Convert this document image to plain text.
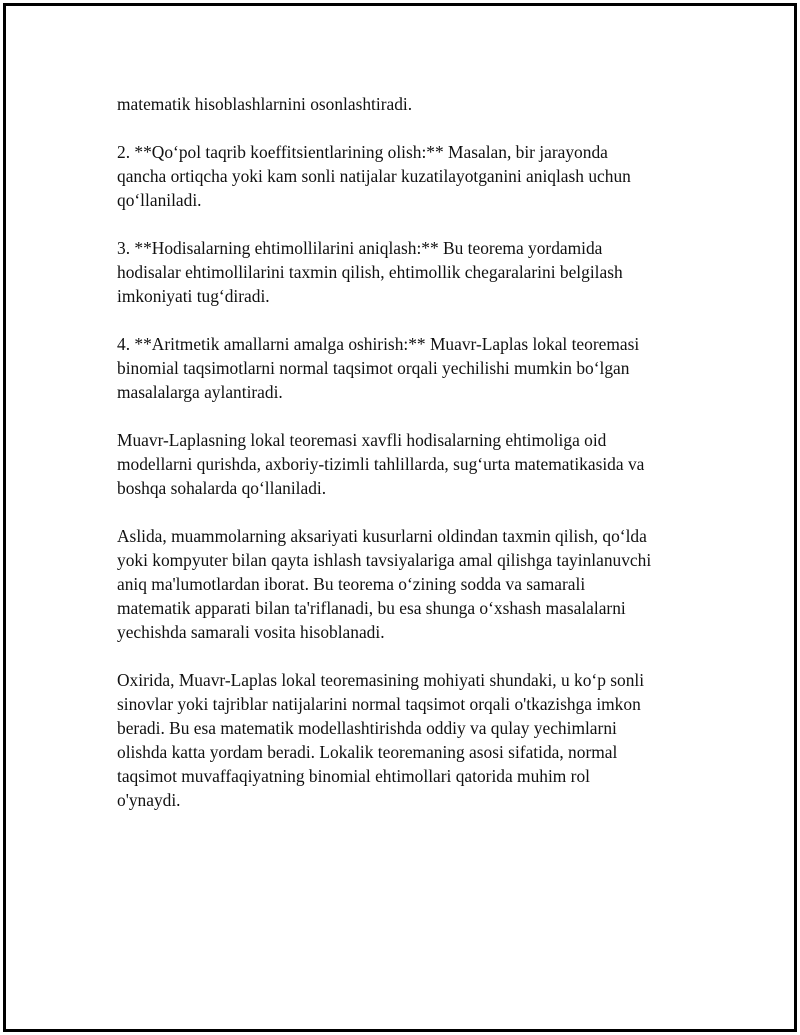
matematik hisoblashlarnini osonlashtiradi.

2. **Qo‘pol taqrib koeffitsientlarining olish:** Masalan, bir jarayonda
qancha ortiqcha yoki kam sonli natijalar kuzatilayotganini aniqlash uchun
qo‘llaniladi.

3. **Hodisalarning ehtimollilarini aniqlash:** Bu teorema yordamida
hodisalar ehtimollilarini taxmin qilish, ehtimollik chegaralarini belgilash
imkoniyati tug‘diradi.

4. **Aritmetik amallarni amalga oshirish:** Muavr-Laplas lokal teoremasi
binomial taqsimotlarni normal taqsimot orqali yechilishi mumkin bo‘lgan
masalalarga aylantiradi.

Muavr-Laplasning lokal teoremasi xavfli hodisalarning ehtimoliga oid
modellarni qurishda, axboriy-tizimli tahlillarda, sug‘urta matematikasida va
boshqa sohalarda qo‘llaniladi.

Aslida, muammolarning aksariyati kusurlarni oldindan taxmin qilish, qo‘lda
yoki kompyuter bilan qayta ishlash tavsiyalariga amal qilishga tayinlanuvchi
aniq ma'lumotlardan iborat. Bu teorema o‘zining sodda va samarali
matematik apparati bilan ta'riflanadi, bu esa shunga o‘xshash masalalarni
yechishda samarali vosita hisoblanadi.

Oxirida, Muavr-Laplas lokal teoremasining mohiyati shundaki, u ko‘p sonli
sinovlar yoki tajriblar natijalarini normal taqsimot orqali o'tkazishga imkon
beradi. Bu esa matematik modellashtirishda oddiy va qulay yechimlarni
olishda katta yordam beradi. Lokalik teoremaning asosi sifatida, normal
taqsimot muvaffaqiyatning binomial ehtimollari qatorida muhim rol
o'ynaydi.
